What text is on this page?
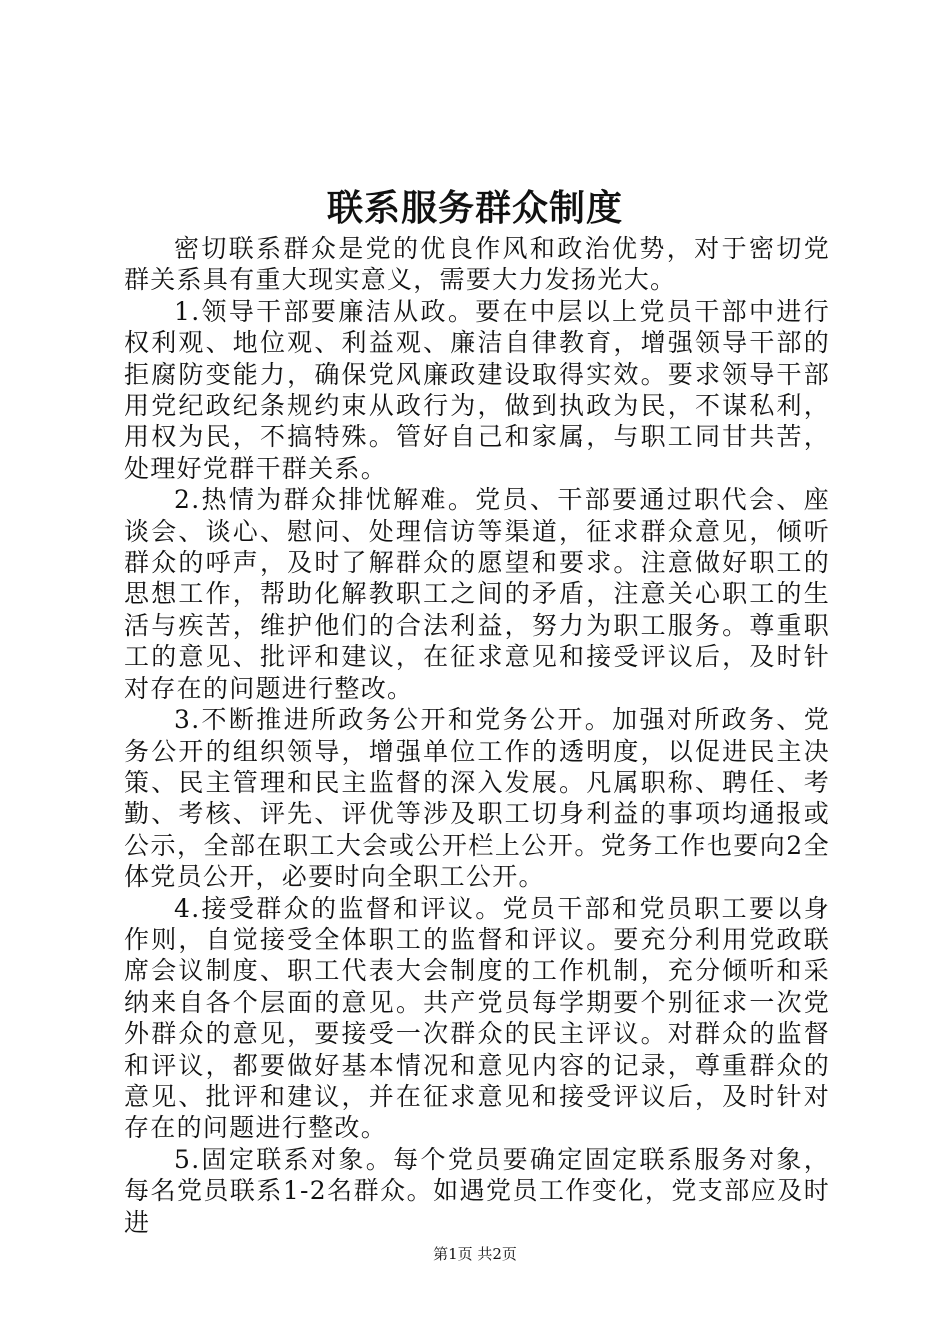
联系服务群众制度

密切联系群众是党的优良作风和政治优势，对于密切党群关系具有重大现实意义，需要大力发扬光大。

1.领导干部要廉洁从政。要在中层以上党员干部中进行权利观、地位观、利益观、廉洁自律教育，增强领导干部的拒腐防变能力，确保党风廉政建设取得实效。要求领导干部用党纪政纪条规约束从政行为，做到执政为民，不谋私利，用权为民，不搞特殊。管好自己和家属，与职工同甘共苦，处理好党群干群关系。

2.热情为群众排忧解难。党员、干部要通过职代会、座谈会、谈心、慰问、处理信访等渠道，征求群众意见，倾听群众的呼声，及时了解群众的愿望和要求。注意做好职工的思想工作，帮助化解教职工之间的矛盾，注意关心职工的生活与疾苦，维护他们的合法利益，努力为职工服务。尊重职工的意见、批评和建议，在征求意见和接受评议后，及时针对存在的问题进行整改。

3.不断推进所政务公开和党务公开。加强对所政务、党务公开的组织领导，增强单位工作的透明度，以促进民主决策、民主管理和民主监督的深入发展。凡属职称、聘任、考勤、考核、评先、评优等涉及职工切身利益的事项均通报或公示，全部在职工大会或公开栏上公开。党务工作也要向2全体党员公开，必要时向全职工公开。

4.接受群众的监督和评议。党员干部和党员职工要以身作则，自觉接受全体职工的监督和评议。要充分利用党政联席会议制度、职工代表大会制度的工作机制，充分倾听和采纳来自各个层面的意见。共产党员每学期要个别征求一次党外群众的意见，要接受一次群众的民主评议。对群众的监督和评议，都要做好基本情况和意见内容的记录，尊重群众的意见、批评和建议，并在征求意见和接受评议后，及时针对存在的问题进行整改。

5.固定联系对象。每个党员要确定固定联系服务对象，每名党员联系1-2名群众。如遇党员工作变化，党支部应及时进

第1页 共2页
